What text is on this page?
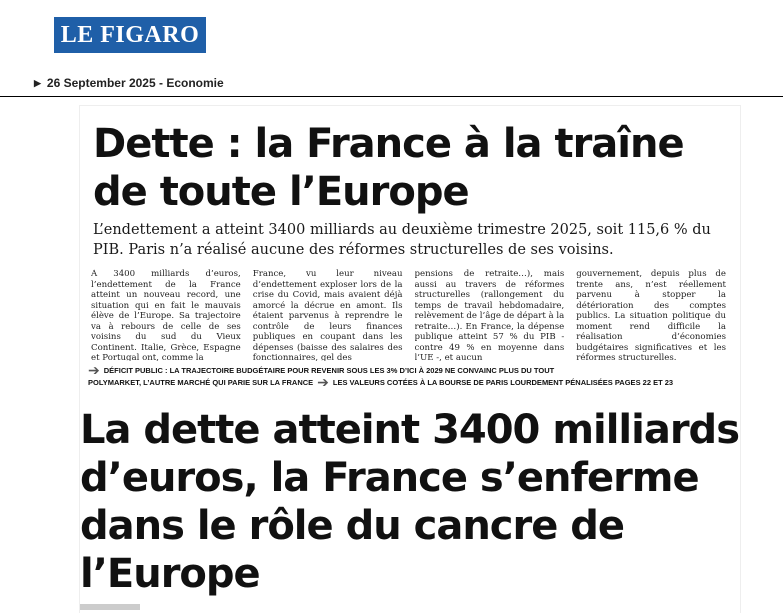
LE FIGARO
▶ 26 September 2025 - Economie
Dette : la France à la traîne de toute l’Europe
L’endettement a atteint 3400 milliards au deuxième trimestre 2025, soit 115,6 % du PIB. Paris n’a réalisé aucune des réformes structurelles de ses voisins.
À 3400 milliards d’euros, l’endettement de la France atteint un nouveau record, une situation qui en fait le mauvais élève de l’Europe. Sa trajectoire va à rebours de celle de ses voisins du sud du Vieux Continent. Italie, Grèce, Espagne et Portugal ont, comme la
France, vu leur niveau d’endettement exploser lors de la crise du Covid, mais avaient déjà amorcé la décrue en amont. Ils étaient parvenus à reprendre le contrôle de leurs finances publiques en coupant dans les dépenses (baisse des salaires des fonctionnaires, gel des
pensions de retraite…), mais aussi au travers de réformes structurelles (rallongement du temps de travail hebdomadaire, relèvement de l’âge de départ à la retraite…). En France, la dépense publique atteint 57 % du PIB - contre 49 % en moyenne dans l’UE -, et aucun
gouvernement, depuis plus de trente ans, n’est réellement parvenu à stopper la détérioration des comptes publics. La situation politique du moment rend difficile la réalisation d’économies budgétaires significatives et les réformes structurelles.
➔ DÉFICIT PUBLIC : LA TRAJECTOIRE BUDGÉTAIRE POUR REVENIR SOUS LES 3% D’ICI À 2029 NE CONVAINC PLUS DU TOUT
POLYMARKET, L’AUTRE MARCHÉ QUI PARIE SUR LA FRANCE ➔ LES VALEURS COTÉES À LA BOURSE DE PARIS LOURDEMENT PÉNALISÉES PAGES 22 ET 23
La dette atteint 3400 milliards d’euros, la France s’enferme dans le rôle du cancre de l’Europe
